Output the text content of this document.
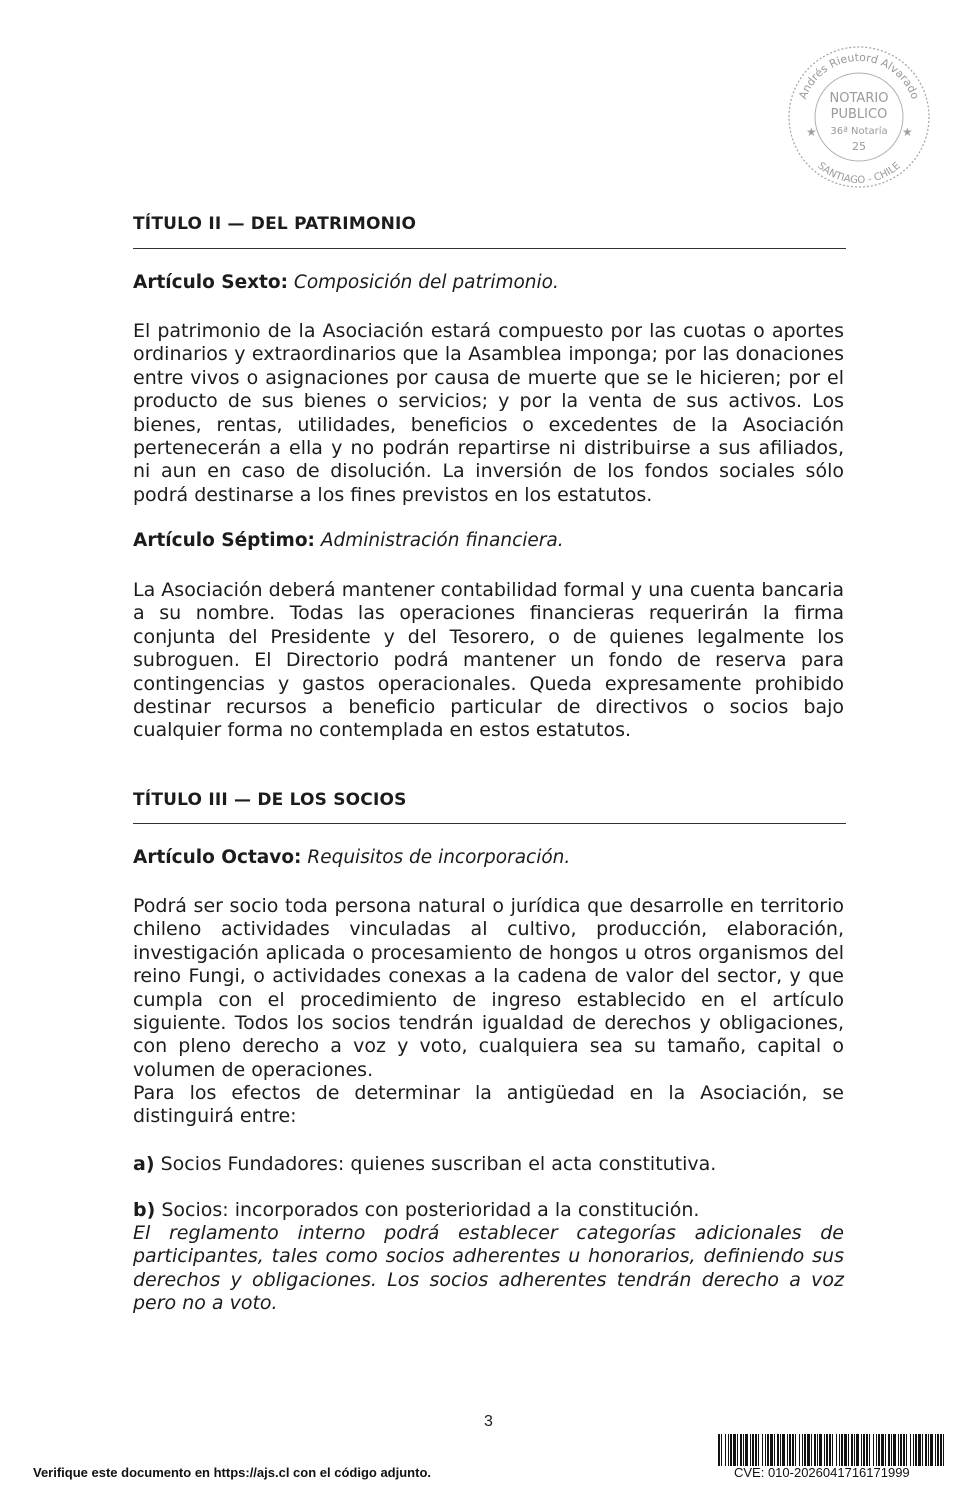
Andrés Rieutord Alvarado
SANTIAGO - CHILE
NOTARIO
PUBLICO
36ª Notaría
25
★	★
TÍTULO II — DEL PATRIMONIO
Artículo Sexto: Composición del patrimonio.

El patrimonio de la Asociación estará compuesto por las cuotas o aportes ordinarios y extraordinarios que la Asamblea imponga; por las donaciones entre vivos o asignaciones por causa de muerte que se le hicieren; por el producto de sus bienes o servicios; y por la venta de sus activos. Los bienes, rentas, utilidades, beneficios o excedentes de la Asociación pertenecerán a ella y no podrán repartirse ni distribuirse a sus afiliados, ni aun en caso de disolución. La inversión de los fondos sociales sólo podrá destinarse a los fines previstos en los estatutos.

Artículo Séptimo: Administración financiera.

La Asociación deberá mantener contabilidad formal y una cuenta bancaria a su nombre. Todas las operaciones financieras requerirán la firma conjunta del Presidente y del Tesorero, o de quienes legalmente los subroguen. El Directorio podrá mantener un fondo de reserva para contingencias y gastos operacionales. Queda expresamente prohibido destinar recursos a beneficio particular de directivos o socios bajo cualquier forma no contemplada en estos estatutos.

TÍTULO III — DE LOS SOCIOS
Artículo Octavo: Requisitos de incorporación.

Podrá ser socio toda persona natural o jurídica que desarrolle en territorio chileno actividades vinculadas al cultivo, producción, elaboración, investigación aplicada o procesamiento de hongos u otros organismos del reino Fungi, o actividades conexas a la cadena de valor del sector, y que cumpla con el procedimiento de ingreso establecido en el artículo siguiente. Todos los socios tendrán igualdad de derechos y obligaciones, con pleno derecho a voz y voto, cualquiera sea su tamaño, capital o volumen de operaciones.

Para los efectos de determinar la antigüedad en la Asociación, se distinguirá entre:

a) Socios Fundadores: quienes suscriban el acta constitutiva.
b) Socios: incorporados con posterioridad a la constitución.

El reglamento interno podrá establecer categorías adicionales de participantes, tales como socios adherentes u honorarios, definiendo sus derechos y obligaciones. Los socios adherentes tendrán derecho a voz pero no a voto.

3
Verifique este documento en https://ajs.cl con el código adjunto.	CVE: 010-2026041716171999
